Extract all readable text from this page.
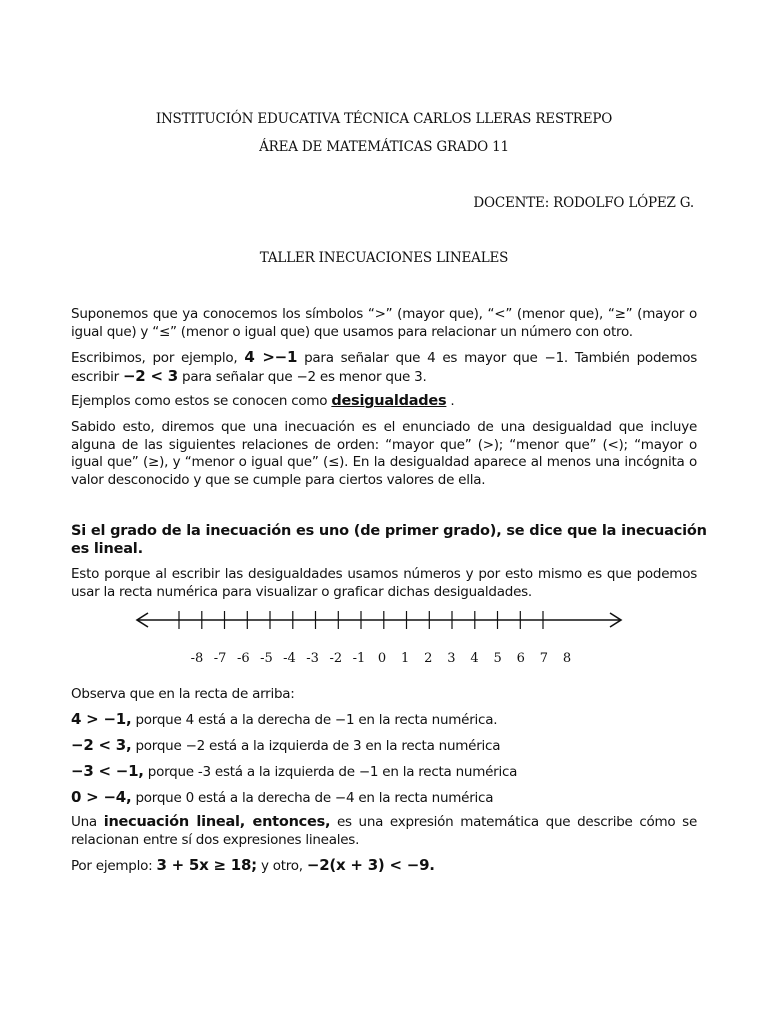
INSTITUCIÓN EDUCATIVA TÉCNICA CARLOS LLERAS RESTREPO
ÁREA DE MATEMÁTICAS GRADO 11
DOCENTE: RODOLFO LÓPEZ G.
TALLER INECUACIONES LINEALES
Suponemos que ya conocemos los símbolos “>” (mayor que), “<” (menor que), “≥” (mayor o igual que) y “≤” (menor o igual que) que usamos para relacionar un número con otro.
Escribimos, por ejemplo, 4 >−1 para señalar que 4 es mayor que −1. También podemos escribir −2 < 3 para señalar que −2 es menor que 3.
Ejemplos como estos se conocen como desigualdades .
Sabido esto, diremos que una inecuación es el enunciado de una desigualdad que incluye alguna de las siguientes relaciones de orden: “mayor que” (>); “menor que” (<); “mayor o igual que” (≥), y “menor o igual que” (≤). En la desigualdad aparece al menos una incógnita o valor desconocido y que se cumple para ciertos valores de ella.
Si el grado de la inecuación es uno (de primer grado), se dice que la inecuación es lineal.
Esto porque al escribir las desigualdades usamos números y por esto mismo es que podemos usar la recta numérica para visualizar o graficar dichas desigualdades.
-8 -7 -6 -5 -4 -3 -2 -1 0 1 2 3 4 5 6 7 8
Observa que en la recta de arriba:
4 > −1, porque 4 está a la derecha de −1 en la recta numérica.
−2 < 3, porque −2 está a la izquierda de 3 en la recta numérica
−3 < −1, porque -3 está a la izquierda de −1 en la recta numérica
0 > −4, porque 0 está a la derecha de −4 en la recta numérica
Una inecuación lineal, entonces, es una expresión matemática que describe cómo se relacionan entre sí dos expresiones lineales.
Por ejemplo: 3 + 5x ≥ 18; y otro, −2(x + 3) < −9.
